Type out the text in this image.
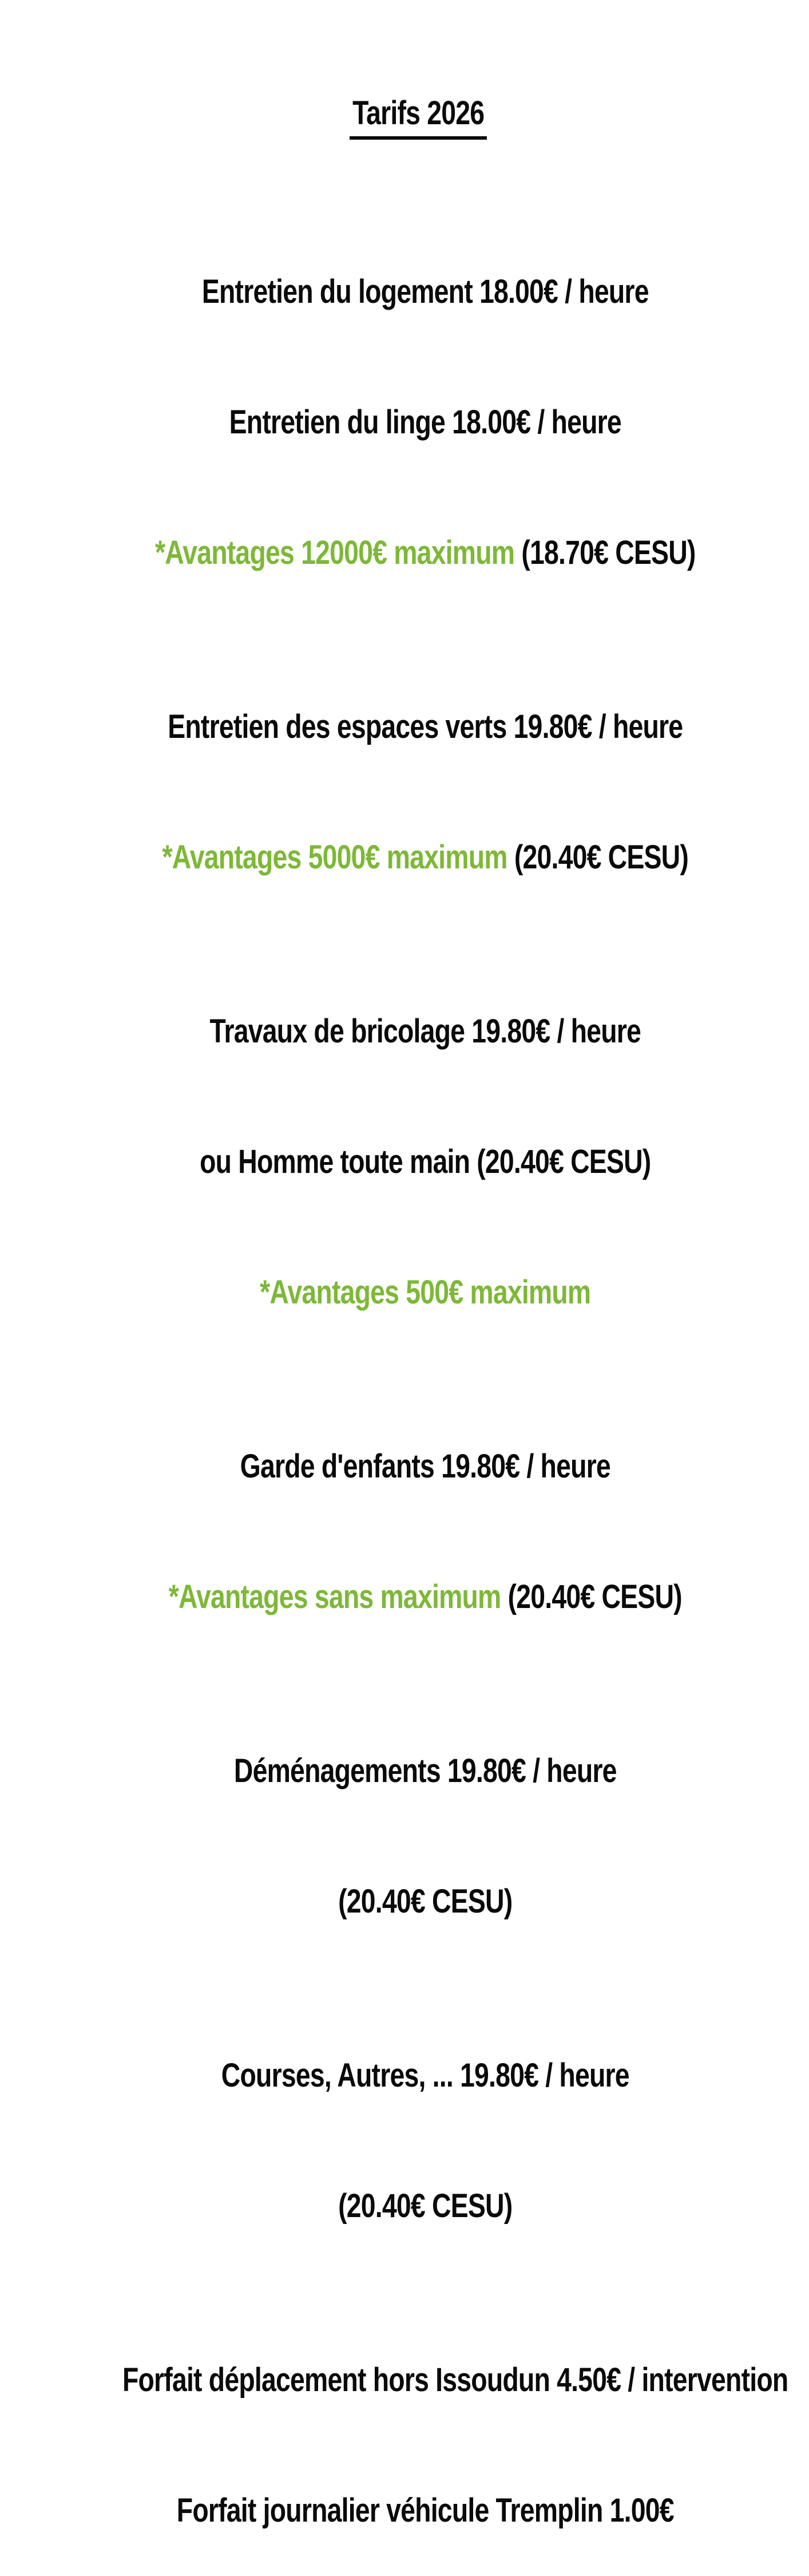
Tarifs 2026

Entretien du logement 18.00€ / heure

Entretien du linge 18.00€ / heure

*Avantages 12000€ maximum (18.70€ CESU)

Entretien des espaces verts 19.80€ / heure

*Avantages 5000€ maximum (20.40€ CESU)

Travaux de bricolage 19.80€ / heure

ou Homme toute main (20.40€ CESU)

*Avantages 500€ maximum

Garde d'enfants 19.80€ / heure

*Avantages sans maximum (20.40€ CESU)

Déménagements 19.80€ / heure

(20.40€ CESU)

Courses, Autres, ... 19.80€ / heure

(20.40€ CESU)

Forfait déplacement hors Issoudun 4.50€ / intervention

Forfait journalier véhicule Tremplin 1.00€
